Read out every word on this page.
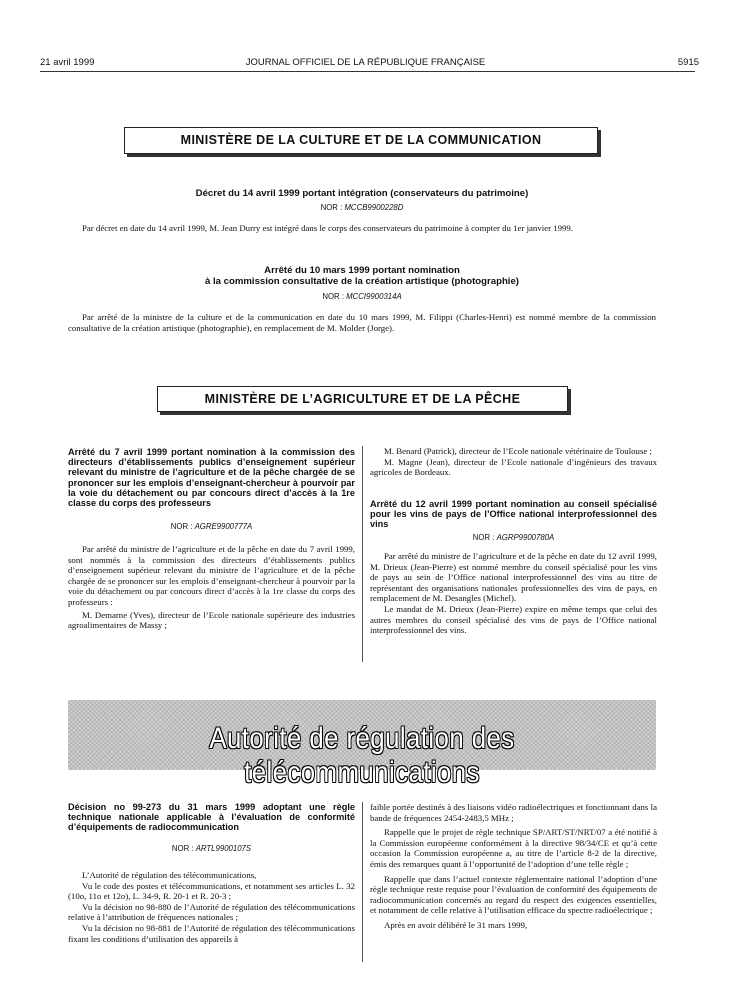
21 avril 1999	JOURNAL OFFICIEL DE LA RÉPUBLIQUE FRANÇAISE	5915
MINISTÈRE DE LA CULTURE ET DE LA COMMUNICATION
Décret du 14 avril 1999 portant intégration (conservateurs du patrimoine)
NOR : MCCB9900228D

Par décret en date du 14 avril 1999, M. Jean Durry est intégré dans le corps des conservateurs du patrimoine à compter du 1er janvier 1999.

Arrêté du 10 mars 1999 portant nomination
à la commission consultative de la création artistique (photographie)
NOR : MCCI9900314A

Par arrêté de la ministre de la culture et de la communication en date du 10 mars 1999, M. Filippi (Charles-Henri) est nommé membre de la commission consultative de la création artistique (photographie), en remplacement de M. Molder (Jorge).

MINISTÈRE DE L’AGRICULTURE ET DE LA PÊCHE
Arrêté du 7 avril 1999 portant nomination à la commission des directeurs d’établissements publics d’enseignement supérieur relevant du ministre de l’agriculture et de la pêche chargée de se prononcer sur les emplois d’enseignant-chercheur à pourvoir par la voie du détachement ou par concours direct d’accès à la 1re classe du corps des professeurs
NOR : AGRE9900777A

Par arrêté du ministre de l’agriculture et de la pêche en date du 7 avril 1999, sont nommés à la commission des directeurs d’établissements publics d’enseignement supérieur relevant du ministre de l’agriculture et de la pêche chargée de se prononcer sur les emplois d’enseignant-chercheur à pourvoir par la voie du détachement ou par concours direct d’accès à la 1re classe du corps des professeurs :

M. Demarne (Yves), directeur de l’Ecole nationale supérieure des industries agroalimentaires de Massy ;

M. Benard (Patrick), directeur de l’Ecole nationale vétérinaire de Toulouse ;

M. Magne (Jean), directeur de l’Ecole nationale d’ingénieurs des travaux agricoles de Bordeaux.

Arrêté du 12 avril 1999 portant nomination au conseil spécialisé pour les vins de pays de l’Office national interprofessionnel des vins
NOR : AGRP9900780A

Par arrêté du ministre de l’agriculture et de la pêche en date du 12 avril 1999, M. Drieux (Jean-Pierre) est nommé membre du conseil spécialisé pour les vins de pays au sein de l’Office national interprofessionnel des vins au titre de représentant des organisations nationales professionnelles des vins de pays, en remplacement de M. Desangles (Michel).

Le mandat de M. Drieux (Jean-Pierre) expire en même temps que celui des autres membres du conseil spécialisé des vins de pays de l’Office national interprofessionnel des vins.

Autorité de régulation des télécommunications
Décision no 99-273 du 31 mars 1999 adoptant une règle technique nationale applicable à l’évaluation de conformité d’équipements de radiocommunication
NOR : ARTL9900107S

L’Autorité de régulation des télécommunications,

Vu le code des postes et télécommunications, et notamment ses articles L. 32 (10o, 11o et 12o), L. 34-9, R. 20-1 et R. 20-3 ;

Vu la décision no 98-880 de l’Autorité de régulation des télécommunications relative à l’attribution de fréquences nationales ;

Vu la décision no 98-881 de l’Autorité de régulation des télécommunications fixant les conditions d’utilisation des appareils à

faible portée destinés à des liaisons vidéo radioélectriques et fonctionnant dans la bande de fréquences 2454-2483,5 MHz ;

Rappelle que le projet de règle technique SP/ART/ST/NRT/07 a été notifié à la Commission européenne conformément à la directive 98/34/CE et qu’à cette occasion la Commission européenne a, au titre de l’article 8-2 de la directive, émis des remarques quant à l’opportunité de l’adoption d’une telle règle ;

Rappelle que dans l’actuel contexte réglementaire national l’adoption d’une règle technique reste requise pour l’évaluation de conformité des équipements de radiocommunication concernés au regard du respect des exigences essentielles, et notamment de celle relative à l’utilisation efficace du spectre radioélectrique ;

Après en avoir délibéré le 31 mars 1999,
